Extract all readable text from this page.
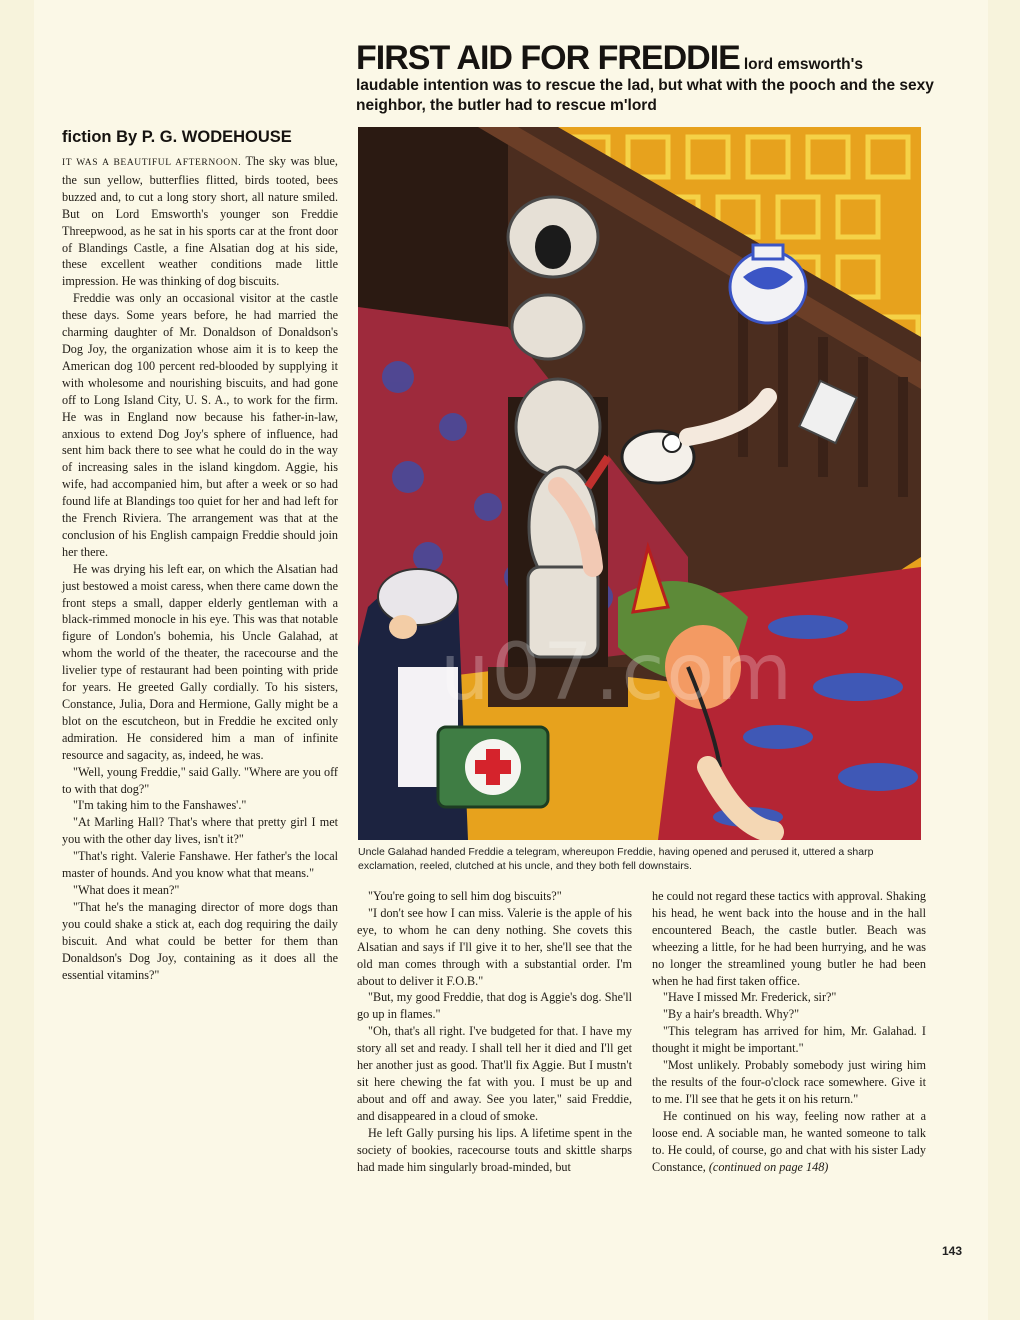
FIRST AID FOR FREDDIE lord emsworth's
laudable intention was to rescue the lad, but what with the pooch and the sexy neighbor, the butler had to rescue m'lord
fiction By P. G. WODEHOUSE

IT WAS A BEAUTIFUL AFTERNOON. The sky was blue, the sun yellow, butterflies flitted, birds tooted, bees buzzed and, to cut a long story short, all nature smiled. But on Lord Emsworth's younger son Freddie Threepwood, as he sat in his sports car at the front door of Blandings Castle, a fine Alsatian dog at his side, these excellent weather conditions made little impression. He was thinking of dog biscuits.

Freddie was only an occasional visitor at the castle these days. Some years before, he had married the charming daughter of Mr. Donaldson of Donaldson's Dog Joy, the organization whose aim it is to keep the American dog 100 percent red-blooded by supplying it with wholesome and nourishing biscuits, and had gone off to Long Island City, U. S. A., to work for the firm. He was in England now because his father-in-law, anxious to extend Dog Joy's sphere of influence, had sent him back there to see what he could do in the way of increasing sales in the island kingdom. Aggie, his wife, had accompanied him, but after a week or so had found life at Blandings too quiet for her and had left for the French Riviera. The arrangement was that at the conclusion of his English campaign Freddie should join her there.

He was drying his left ear, on which the Alsatian had just bestowed a moist caress, when there came down the front steps a small, dapper elderly gentleman with a black-rimmed monocle in his eye. This was that notable figure of London's bohemia, his Uncle Galahad, at whom the world of the theater, the racecourse and the livelier type of restaurant had been pointing with pride for years. He greeted Gally cordially. To his sisters, Constance, Julia, Dora and Hermione, Gally might be a blot on the escutcheon, but in Freddie he excited only admiration. He considered him a man of infinite resource and sagacity, as, indeed, he was.

"Well, young Freddie," said Gally. "Where are you off to with that dog?"

"I'm taking him to the Fanshawes'."

"At Marling Hall? That's where that pretty girl I met you with the other day lives, isn't it?"

"That's right. Valerie Fanshawe. Her father's the local master of hounds. And you know what that means."

"What does it mean?"

"That he's the managing director of more dogs than you could shake a stick at, each dog requiring the daily biscuit. And what could be better for them than Donaldson's Dog Joy, containing as it does all the essential vitamins?"

u07.com
Uncle Galahad handed Freddie a telegram, whereupon Freddie, having opened and perused it, uttered a sharp exclamation, reeled, clutched at his uncle, and they both fell downstairs.

"You're going to sell him dog biscuits?"

"I don't see how I can miss. Valerie is the apple of his eye, to whom he can deny nothing. She covets this Alsatian and says if I'll give it to her, she'll see that the old man comes through with a substantial order. I'm about to deliver it F.O.B."

"But, my good Freddie, that dog is Aggie's dog. She'll go up in flames."

"Oh, that's all right. I've budgeted for that. I have my story all set and ready. I shall tell her it died and I'll get her another just as good. That'll fix Aggie. But I mustn't sit here chewing the fat with you. I must be up and about and off and away. See you later," said Freddie, and disappeared in a cloud of smoke.

He left Gally pursing his lips. A lifetime spent in the society of bookies, racecourse touts and skittle sharps had made him singularly broad-minded, but

he could not regard these tactics with approval. Shaking his head, he went back into the house and in the hall encountered Beach, the castle butler. Beach was wheezing a little, for he had been hurrying, and he was no longer the streamlined young butler he had been when he had first taken office.

"Have I missed Mr. Frederick, sir?"

"By a hair's breadth. Why?"

"This telegram has arrived for him, Mr. Galahad. I thought it might be important."

"Most unlikely. Probably somebody just wiring him the results of the four-o'clock race somewhere. Give it to me. I'll see that he gets it on his return."

He continued on his way, feeling now rather at a loose end. A sociable man, he wanted someone to talk to. He could, of course, go and chat with his sister Lady Constance, (continued on page 148)

143
